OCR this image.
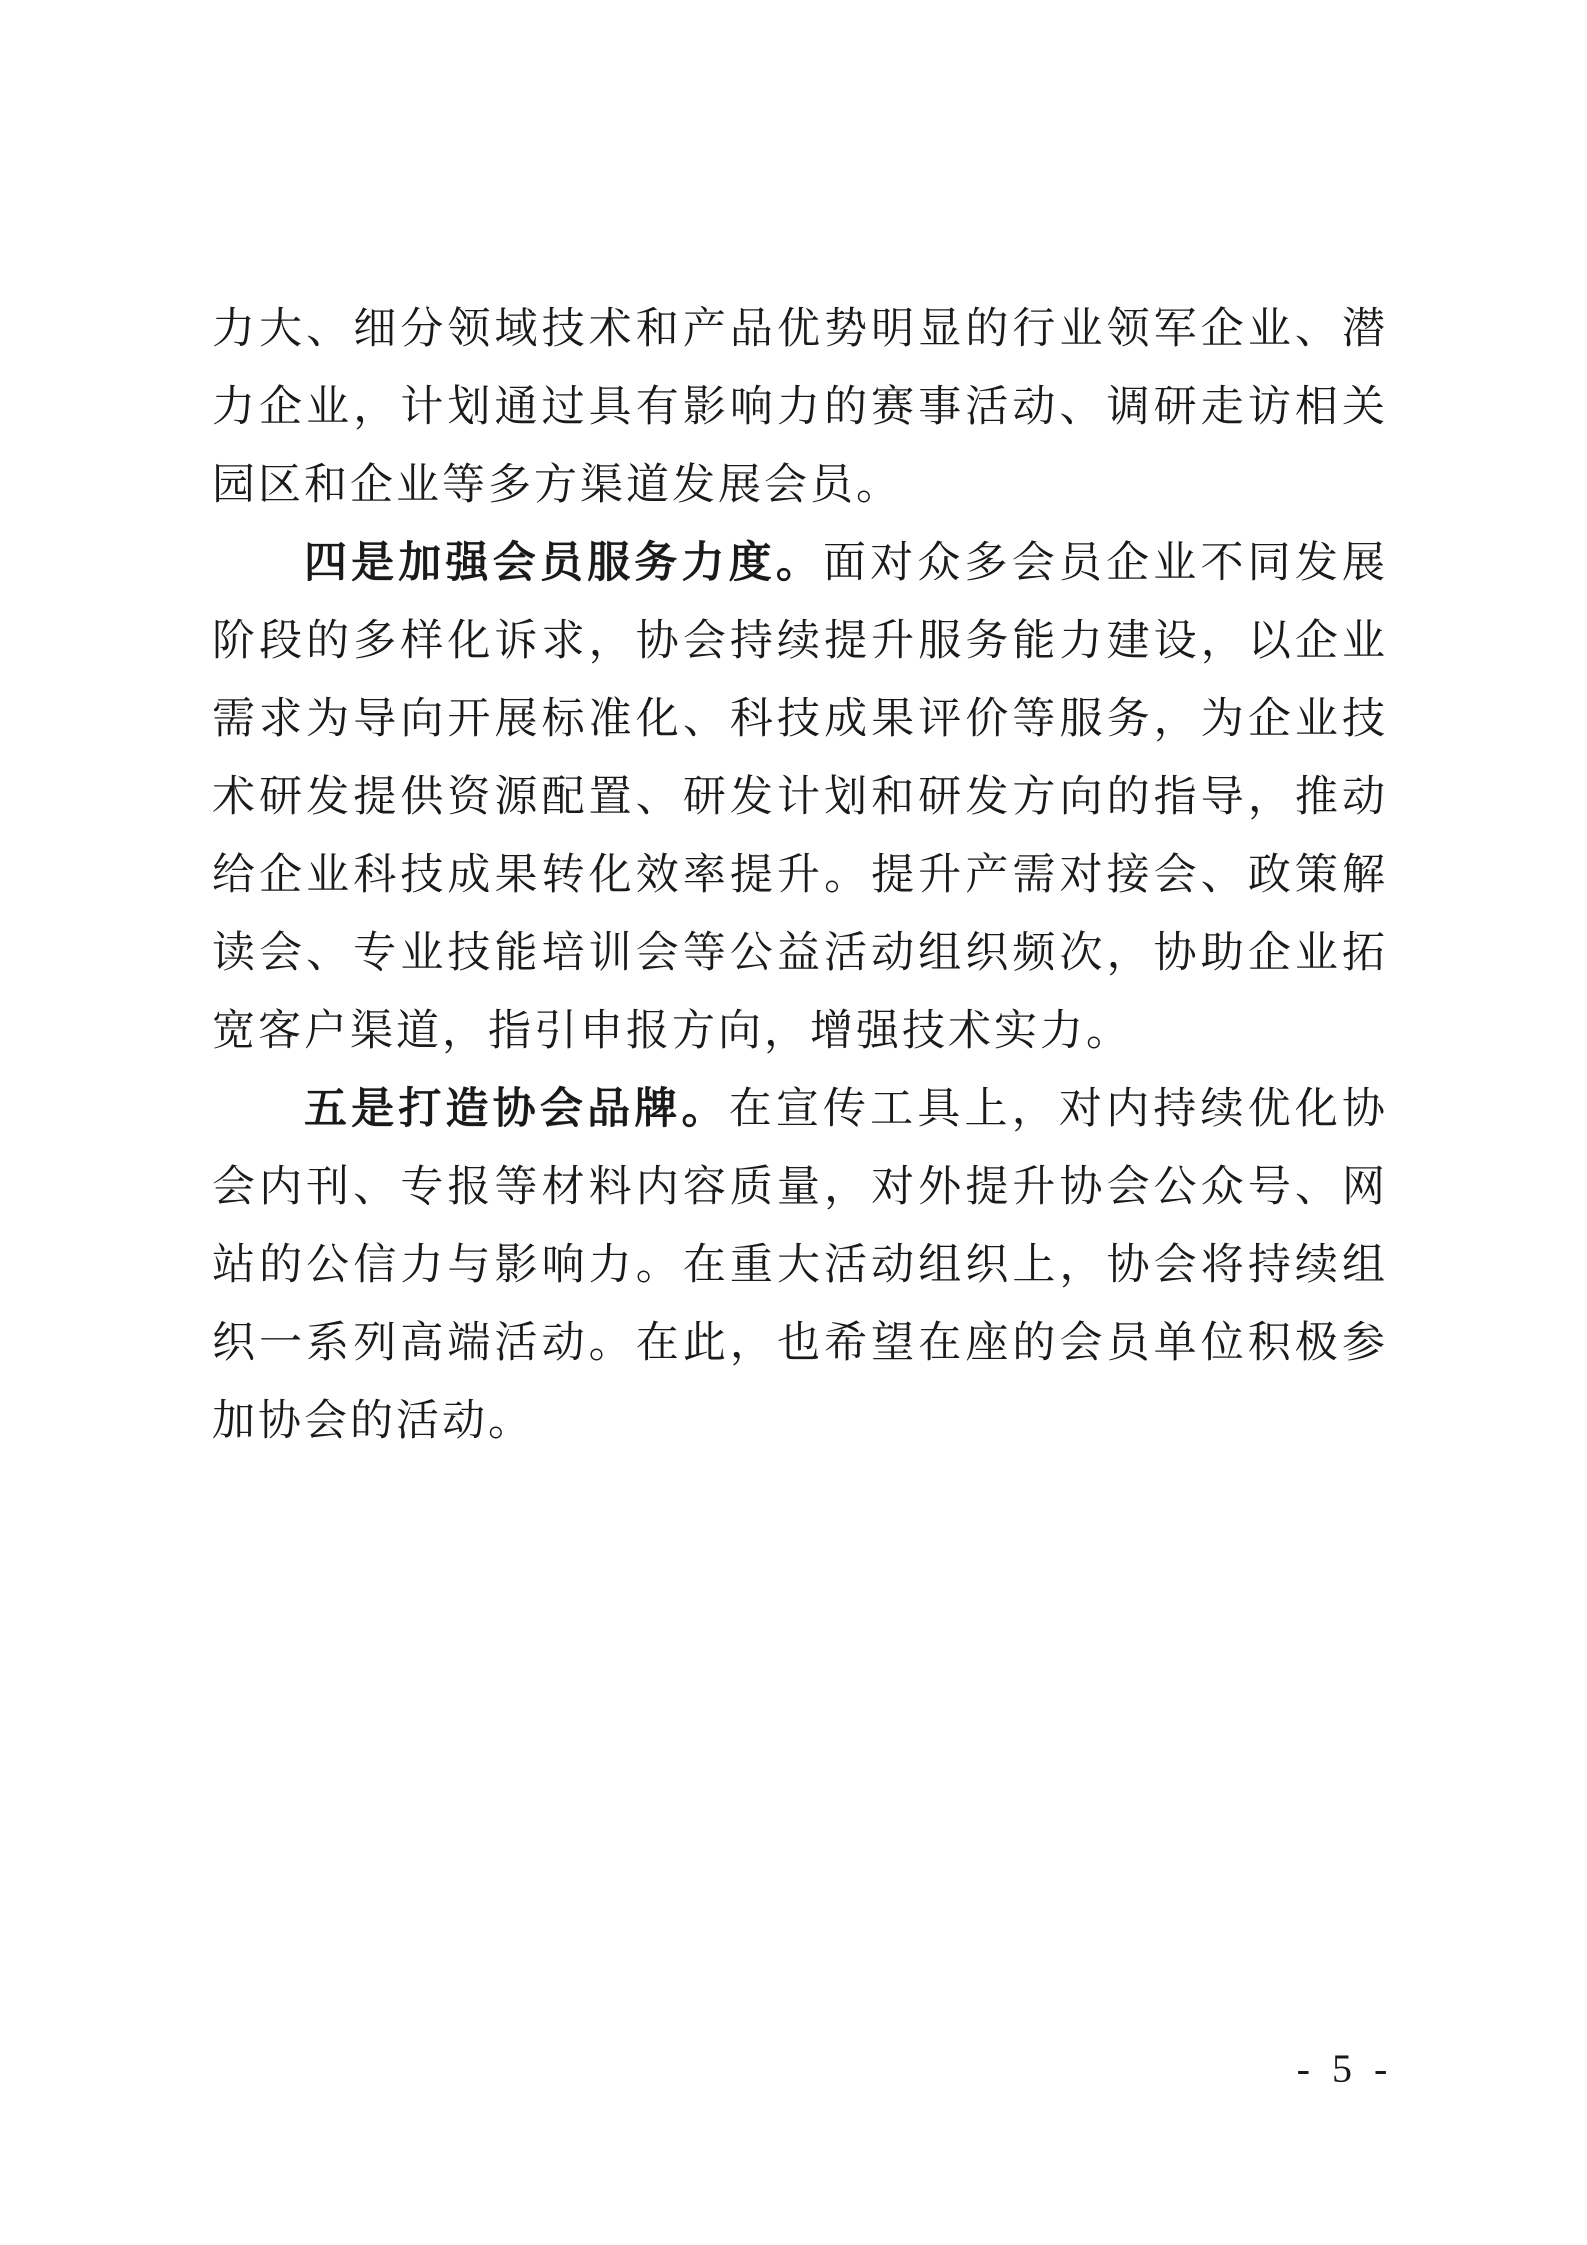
力大、细分领域技术和产品优势明显的行业领军企业、潜力企业，计划通过具有影响力的赛事活动、调研走访相关园区和企业等多方渠道发展会员。

四是加强会员服务力度。面对众多会员企业不同发展阶段的多样化诉求，协会持续提升服务能力建设，以企业需求为导向开展标准化、科技成果评价等服务，为企业技术研发提供资源配置、研发计划和研发方向的指导，推动给企业科技成果转化效率提升。提升产需对接会、政策解读会、专业技能培训会等公益活动组织频次，协助企业拓宽客户渠道，指引申报方向，增强技术实力。

五是打造协会品牌。在宣传工具上，对内持续优化协会内刊、专报等材料内容质量，对外提升协会公众号、网站的公信力与影响力。在重大活动组织上，协会将持续组织一系列高端活动。在此，也希望在座的会员单位积极参加协会的活动。

- 5 -
